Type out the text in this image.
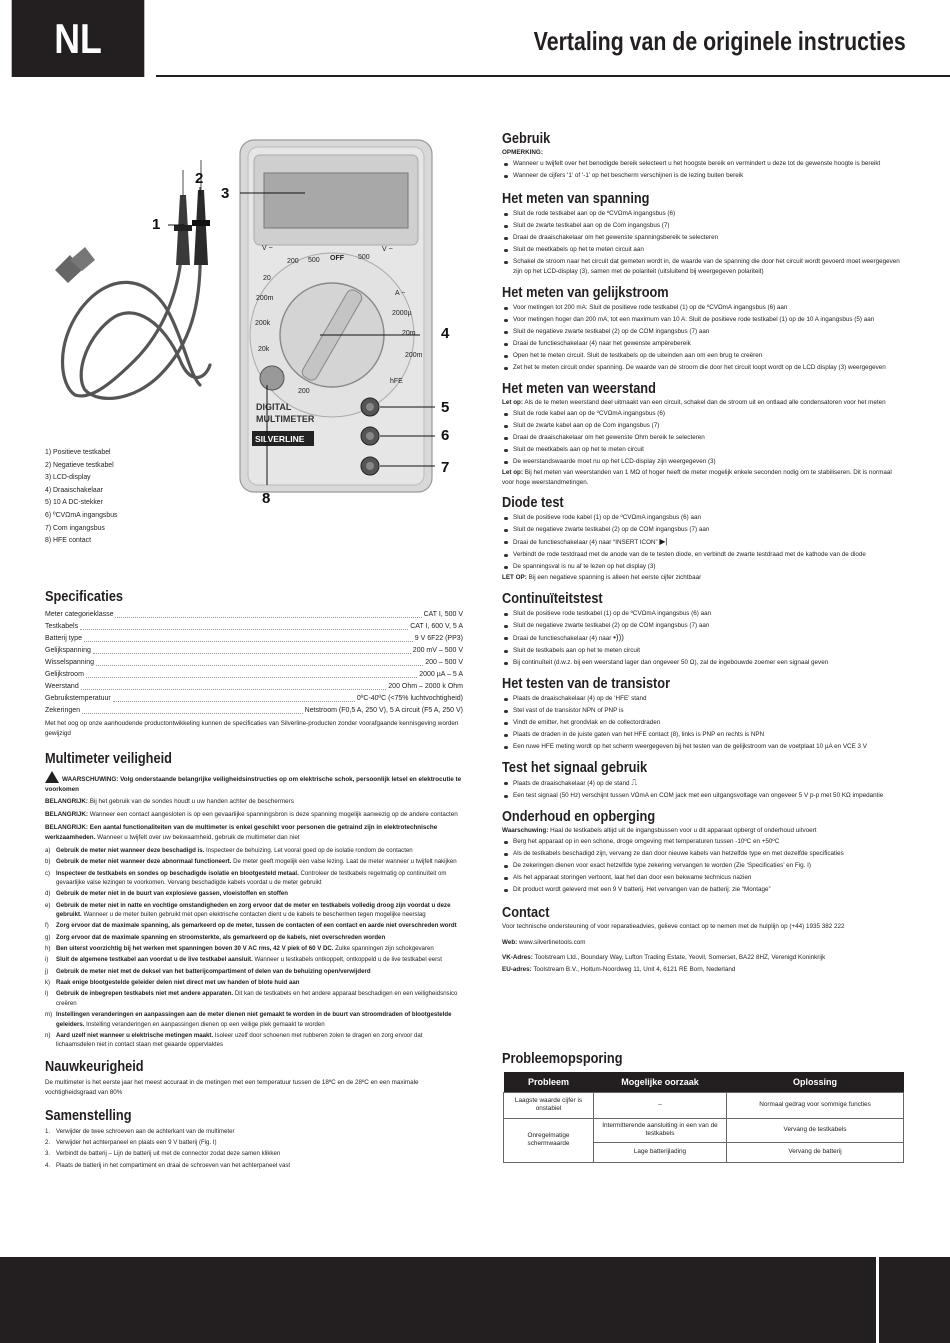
NL	Vertaling van de originele instructies
V ~
200 500 OFF 500
V ~
20
200m
200k
20k
200
A ~
2000µ
20m
200m
hFE
DIGITAL
MULTIMETER
SILVERLINE
1
2
3
4
5
6
7
8
1) Positieve testkabel
2) Negatieve testkabel
3) LCD-display
4) Draaischakelaar
5) 10 A DC-stekker
6) ºCVΩmA ingangsbus
7) Com ingangsbus
8) HFE contact
Specificaties
Meter categorieklasse	CAT I, 500 V
Testkabels	CAT I, 600 V, 5 A
Batterij type	9 V 6F22 (PP3)
Gelijkspanning	200 mV – 500 V
Wisselspanning	200 – 500 V
Gelijkstroom	2000 µA – 5 A
Weerstand	200 Ohm – 2000 k Ohm
Gebruikstemperatuur	0ºC-40ºC (<75% luchtvochtigheid)
Zekeringen	Netstroom (F0,5 A, 250 V), 5 A circuit (F5 A, 250 V)
Met het oog op onze aanhoudende productontwikkeling kunnen de specificaties van Silverline-producten zonder voorafgaande kennisgeving worden gewijzigd
Multimeter veiligheid
WAARSCHUWING: Volg onderstaande belangrijke veiligheidsinstructies op om elektrische schok, persoonlijk letsel en elektrocutie te voorkomen
BELANGRIJK: Bij het gebruik van de sondes houdt u uw handen achter de beschermers
BELANGRIJK: Wanneer een contact aangesloten is op een gevaarlijke spanningsbron is deze spanning mogelijk aanwezig op de andere contacten
BELANGRIJK: Een aantal functionaliteiten van de multimeter is enkel geschikt voor personen die getraind zijn in elektrotechnische werkzaamheden. Wanneer u twijfelt over uw bekwaamheid, gebruik de multimeter dan niet
a) Gebruik de meter niet wanneer deze beschadigd is. Inspecteer de behuizing. Let vooral goed op de isolatie rondom de contacten
b) Gebruik de meter niet wanneer deze abnormaal functioneert. De meter geeft mogelijk een valse lezing. Laat de meter wanneer u twijfelt nakijken
c) Inspecteer de testkabels en sondes op beschadigde isolatie en blootgesteld metaal. Controleer de testkabels regelmatig op continuïteit om gevaarlijke valse lezingen te voorkomen. Vervang beschadigde kabels voordat u de meter gebruikt
d) Gebruik de meter niet in de buurt van explosieve gassen, vloeistoffen en stoffen
e) Gebruik de meter niet in natte en vochtige omstandigheden en zorg ervoor dat de meter en testkabels volledig droog zijn voordat u deze gebruikt. Wanneer u de meter buiten gebruikt met open elektrische contacten dient u de kabels te beschermen tegen mogelijke neerslag
f) Zorg ervoor dat de maximale spanning, als gemarkeerd op de meter, tussen de contacten of een contact en aarde niet overschreden wordt
g) Zorg ervoor dat de maximale spanning en stroomsterkte, als gemarkeerd op de kabels, niet overschreden worden
h) Ben uiterst voorzichtig bij het werken met spanningen boven 30 V AC rms, 42 V piek of 60 V DC. Zulke spanningen zijn schokgevaren
i) Sluit de algemene testkabel aan voordat u de live testkabel aansluit. Wanneer u testkabels ontkoppelt, ontkoppeld u de live testkabel eerst
j) Gebruik de meter niet met de deksel van het batterijcompartiment of delen van de behuizing open/verwijderd
k) Raak enige blootgestelde geleider delen niet direct met uw handen of blote huid aan
l) Gebruik de inbegrepen testkabels niet met andere apparaten. Dit kan de testkabels en het andere apparaat beschadigen en een veiligheidsrisico creëren
m) Instellingen veranderingen en aanpassingen aan de meter dienen niet gemaakt te worden in de buurt van stroomdraden of blootgestelde geleiders. Instelling veranderingen en aanpassingen dienen op een veilige plek gemaakt te worden
n) Aard uzelf niet wanneer u elektrische metingen maakt. Isoleer uzelf door schoenen met rubberen zolen te dragen en zorg ervoor dat lichaamsdelen niet in contact staan met geaarde oppervlaktes
Nauwkeurigheid
De multimeter is het eerste jaar het meest accuraat in de metingen met een temperatuur tussen de 18ºC en de 28ºC en een maximale vochtigheidsgraad van 80%
Samenstelling
1. Verwijder de twee schroeven aan de achterkant van de multimeter
2. Verwijder het achterpaneel en plaats een 9 V batterij (Fig. I)
3. Verbindt de batterij – Lijn de batterij uit met de connector zodat deze samen klikken
4. Plaats de batterij in het compartiment en draai de schroeven van het achterpaneel vast
Gebruik
OPMERKING:
Wanneer u twijfelt over het benodigde bereik selecteert u het hoogste bereik en vermindert u deze tot de gewenste hoogte is bereikt
Wanneer de cijfers ‘1’ of ‘-1’ op het bescherm verschijnen is de lezing buiten bereik
Het meten van spanning
Sluit de rode testkabel aan op de ºCVΩmA ingangsbus (6)
Sluit de zwarte testkabel aan op de Com ingangsbus (7)
Draai de draaischakelaar om het gewenste spanningsbereik te selecteren
Sluit de meetkabels op het te meten circuit aan
Schakel de stroom naar het circuit dat gemeten wordt in, de waarde van de spanning die door het circuit wordt gevoerd moet weergegeven zijn op het LCD-display (3), samen met de polariteit (uitsluitend bij weergegeven polariteit)
Het meten van gelijkstroom
Voor metingen tot 200 mA: Sluit de positieve rode testkabel (1) op de ºCVΩmA ingangsbus (6) aan
Voor metingen hoger dan 200 mA, tot een maximum van 10 A: Sluit de positieve rode testkabel (1) op de 10 A ingangsbus (5) aan
Sluit de negatieve zwarte testkabel (2) op de COM ingangsbus (7) aan
Draai de functieschakelaar (4) naar het gewenste ampèrebereik
Open het te meten circuit. Sluit de testkabels op de uiteinden aan om een brug te creëren
Zet het te meten circuit onder spanning. De waarde van de stroom die door het circuit loopt wordt op de LCD display (3) weergegeven
Het meten van weerstand
Let op: Als de te meten weerstand deel uitmaakt van een circuit, schakel dan de stroom uit en ontlaad alle condensatoren voor het meten
Sluit de rode kabel aan op de ºCVΩmA ingangsbus (6)
Sluit de zwarte kabel aan op de Com ingangsbus (7)
Draai de draaischakelaar om het gewenste Ohm bereik te selecteren
Sluit de meetkabels aan op het te meten circuit
De weerstandswaarde moet nu op het LCD-display zijn weergegeven (3)
Let op: Bij het meten van weerstanden van 1 MΩ of hoger heeft de meter mogelijk enkele seconden nodig om te stabiliseren. Dit is normaal voor hoge weerstandmetingen.
Diode test
Sluit de positieve rode kabel (1) op de ºCVΩmA ingangsbus (6) aan
Sluit de negatieve zwarte testkabel (2) op de COM ingangsbus (7) aan
Draai de functieschakelaar (4) naar “INSERT ICON” ▶|
Verbindt de rode testdraad met de anode van de te testen diode, en verbindt de zwarte testdraad met de kathode van de diode
De spanningsval is nu af te lezen op het display (3)
LET OP: Bij een negatieve spanning is alleen het eerste cijfer zichtbaar
Continuïteitstest
Sluit de positieve rode testkabel (1) op de ºCVΩmA ingangsbus (6) aan
Sluit de negatieve zwarte testkabel (2) op de COM ingangsbus (7) aan
Draai de functieschakelaar (4) naar •)))
Sluit de testkabels aan op het te meten circuit
Bij continuïteit (d.w.z. bij een weerstand lager dan ongeveer 50 Ω), zal de ingebouwde zoemer een signaal geven
Het testen van de transistor
Plaats de draaischakelaar (4) op de ‘HFE’ stand
Stel vast of de transistor NPN of PNP is
Vindt de emitter, het grondvlak en de collectordraden
Plaats de draden in de juiste gaten van het HFE contact (8), links is PNP en rechts is NPN
Een ruwe HFE meting wordt op het scherm weergegeven bij het testen van de gelijkstroom van de voetplaat 10 µA en VCE 3 V
Test het signaal gebruik
Plaats de draaischakelaar (4) op de stand ⎍
Een test signaal (50 Hz) verschijnt tussen VΩmA en COM jack met een uitgangsvoltage van ongeveer 5 V p-p met 50 KΩ impedantie
Onderhoud en opberging
Waarschuwing: Haal de testkabels altijd uit de ingangsbussen voor u dit apparaat opbergt of onderhoud uitvoert
Berg het apparaat op in een schone, droge omgeving met temperaturen tussen -10ºC en +50ºC
Als de testkabels beschadigd zijn, vervang ze dan door nieuwe kabels van hetzelfde type en met dezelfde specificaties
De zekeringen dienen voor exact hetzelfde type zekering vervangen te worden (Zie ‘Specificaties’ en Fig. I)
Als het apparaat storingen vertoont, laat het dan door een bekwame technicus nazien
Dit product wordt geleverd met een 9 V batterij. Het vervangen van de batterij: zie “Montage”
Contact
Voor technische ondersteuning of voor reparatieadvies, gelieve contact op te nemen met de hulplijn op (+44) 1935 382 222
Web: www.silverlinetools.com
VK-Adres: Toolstream Ltd., Boundary Way, Lufton Trading Estate, Yeovil, Somerset, BA22 8HZ, Verenigd Koninkrijk
EU-adres: Toolstream B.V., Holtum-Noordweg 11, Unit 4, 6121 RE Born, Nederland
Probleemopsporing
Probleem	Mogelijke oorzaak	Oplossing
Laagste waarde cijfer is onstabiel	–	Normaal gedrag voor sommige functies
Onregelmatige schermwaarde	Intermitterende aansluiting in een van de testkabels	Vervang de testkabels
	Lage batterijlading	Vervang de batterij
